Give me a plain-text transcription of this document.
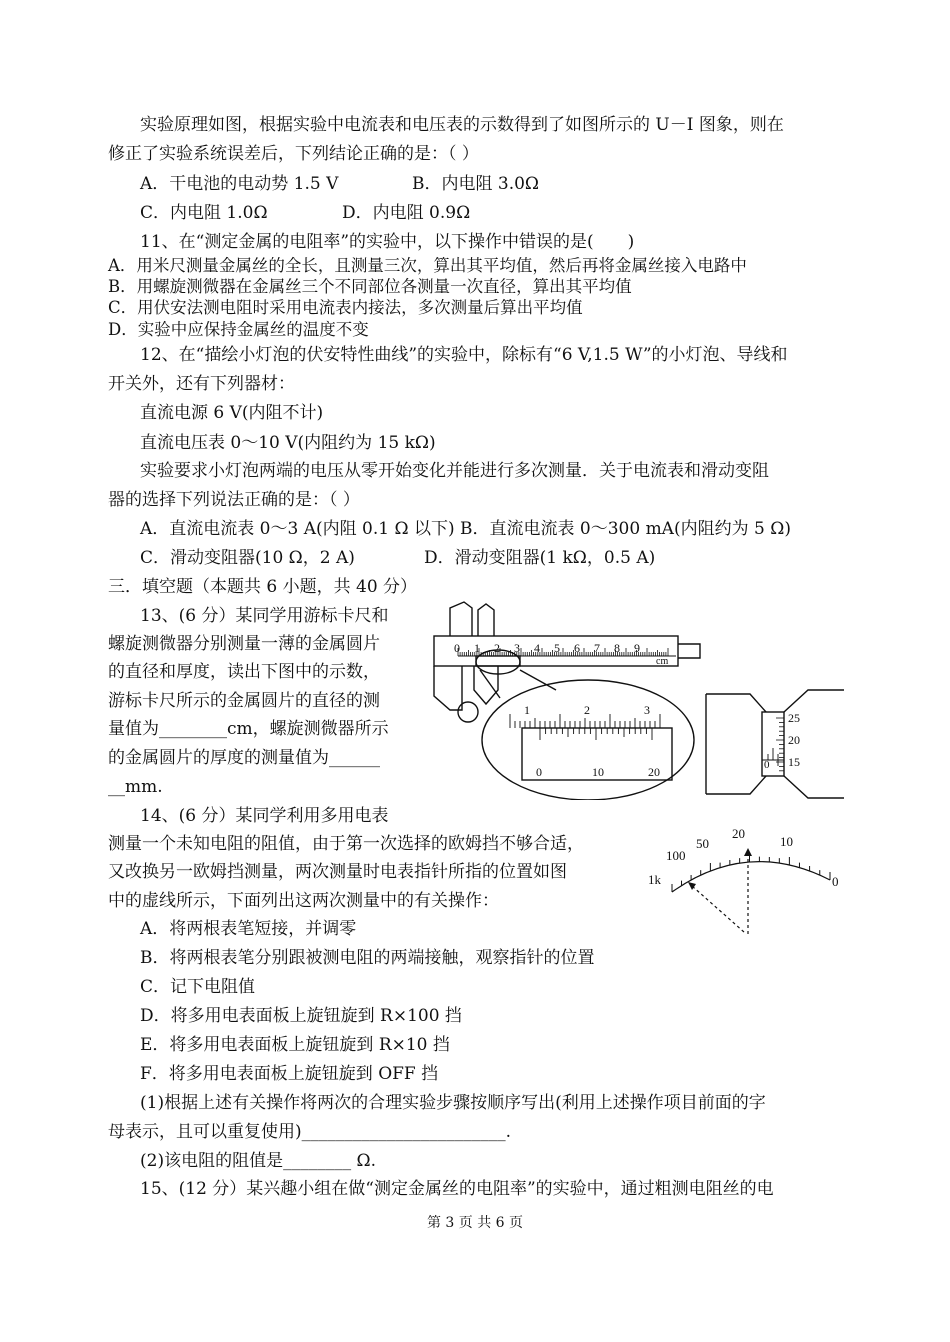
实验原理如图，根据实验中电流表和电压表的示数得到了如图所示的 U－I 图象，则在
修正了实验系统误差后，下列结论正确的是：（ ）
A．干电池的电动势 1.5 V	B．内电阻 3.0Ω
C．内电阻 1.0Ω	D．内电阻 0.9Ω
11、在“测定金属的电阻率”的实验中，以下操作中错误的是(　　)
A．用米尺测量金属丝的全长，且测量三次，算出其平均值，然后再将金属丝接入电路中
B．用螺旋测微器在金属丝三个不同部位各测量一次直径，算出其平均值
C．用伏安法测电阻时采用电流表内接法，多次测量后算出平均值
D．实验中应保持金属丝的温度不变
12、在“描绘小灯泡的伏安特性曲线”的实验中，除标有“6 V,1.5 W”的小灯泡、导线和
开关外，还有下列器材：
直流电源 6 V(内阻不计)
直流电压表 0～10 V(内阻约为 15 kΩ)
实验要求小灯泡两端的电压从零开始变化并能进行多次测量．关于电流表和滑动变阻
器的选择下列说法正确的是：（ ）
A．直流电流表 0～3 A(内阻 0.1 Ω 以下) B．直流电流表 0～300 mA(内阻约为 5 Ω)
C．滑动变阻器(10 Ω，2 A)	D．滑动变阻器(1 kΩ，0.5 A)
三．填空题（本题共 6 小题，共 40 分）
13、(6 分）某同学用游标卡尺和
螺旋测微器分别测量一薄的金属圆片
的直径和厚度，读出下图中的示数，
游标卡尺所示的金属圆片的直径的测
量值为________cm，螺旋测微器所示
的金属圆片的厚度的测量值为______
__mm.
14、(6 分）某同学利用多用电表
测量一个未知电阻的阻值，由于第一次选择的欧姆挡不够合适，
又改换另一欧姆挡测量，两次测量时电表指针所指的位置如图
中的虚线所示，下面列出这两次测量中的有关操作：
A．将两根表笔短接，并调零
B．将两根表笔分别跟被测电阻的两端接触，观察指针的位置
C．记下电阻值
D．将多用电表面板上旋钮旋到 R×100 挡
E．将多用电表面板上旋钮旋到 R×10 挡
F．将多用电表面板上旋钮旋到 OFF 挡
(1)根据上述有关操作将两次的合理实验步骤按顺序写出(利用上述操作项目前面的字
母表示，且可以重复使用)________________________.
(2)该电阻的阻值是________ Ω.
15、(12 分）某兴趣小组在做“测定金属丝的电阻率”的实验中，通过粗测电阻丝的电
0 1 2 3 4 5 6 7 8 9
cm
1	2	3
0	10	20
25
20
15
0
1k
100
50
20
10
0
第 3 页 共 6 页
